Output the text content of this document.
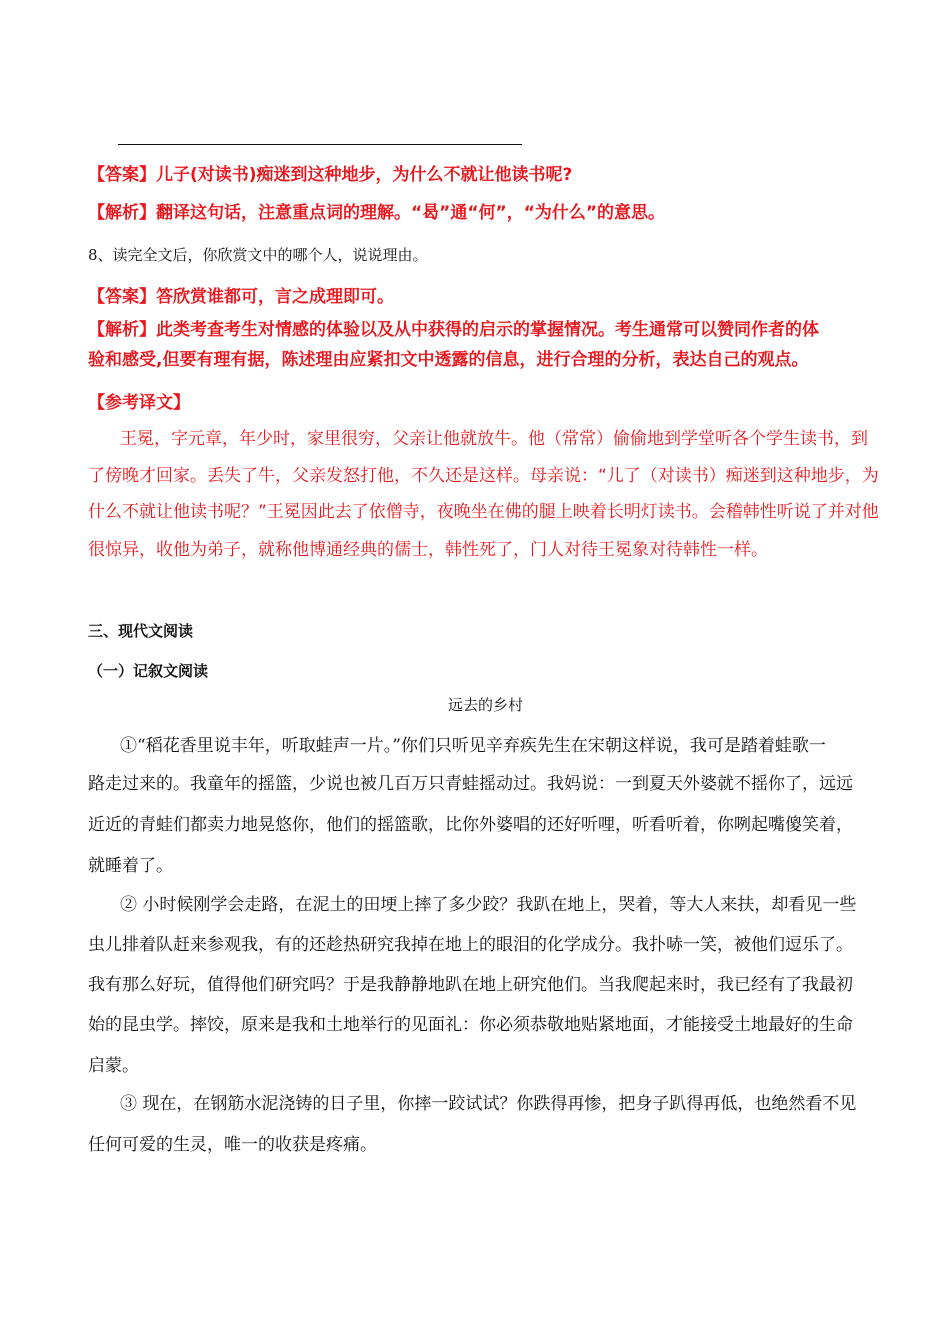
【答案】儿子(对读书)痴迷到这种地步，为什么不就让他读书呢?
【解析】翻译这句话，注意重点词的理解。“曷”通“何”，“为什么”的意思。
8、读完全文后，你欣赏文中的哪个人，说说理由。
【答案】答欣赏谁都可，言之成理即可。
【解析】此类考查考生对情感的体验以及从中获得的启示的掌握情况。考生通常可以赞同作者的体
验和感受,但要有理有据，陈述理由应紧扣文中透露的信息，进行合理的分析，表达自己的观点。
【参考译文】
王冕，字元章，年少时，家里很穷，父亲让他就放牛。他（常常）偷偷地到学堂听各个学生读书，到
了傍晚才回家。丢失了牛，父亲发怒打他，不久还是这样。母亲说：“儿了（对读书）痴迷到这种地步，为
什么不就让他读书呢？”王冕因此去了依僧寺，夜晚坐在佛的腿上映着长明灯读书。会稽韩性听说了并对他
很惊异，收他为弟子，就称他博通经典的儒士，韩性死了，门人对待王冕象对待韩性一样。
三、现代文阅读
（一）记叙文阅读
远去的乡村
①“稻花香里说丰年，听取蛙声一片。”你们只听见辛弃疾先生在宋朝这样说，我可是踏着蛙歌一
路走过来的。我童年的摇篮，少说也被几百万只青蛙摇动过。我妈说：一到夏天外婆就不摇你了，远远
近近的青蛙们都卖力地晃悠你，他们的摇篮歌，比你外婆唱的还好听哩，听看听着，你咧起嘴傻笑着，
就睡着了。
② 小时候刚学会走路，在泥土的田埂上摔了多少跤？我趴在地上，哭着，等大人来扶，却看见一些
虫儿排着队赶来参观我，有的还趁热研究我掉在地上的眼泪的化学成分。我扑哧一笑，被他们逗乐了。
我有那么好玩，值得他们研究吗？于是我静静地趴在地上研究他们。当我爬起来时，我已经有了我最初
始的昆虫学。摔饺，原来是我和土地举行的见面礼：你必须恭敬地贴紧地面，才能接受土地最好的生命
启蒙。
③ 现在，在钢筋水泥浇铸的日子里，你摔一跤试试？你跌得再惨，把身子趴得再低，也绝然看不见
任何可爱的生灵，唯一的收获是疼痛。
